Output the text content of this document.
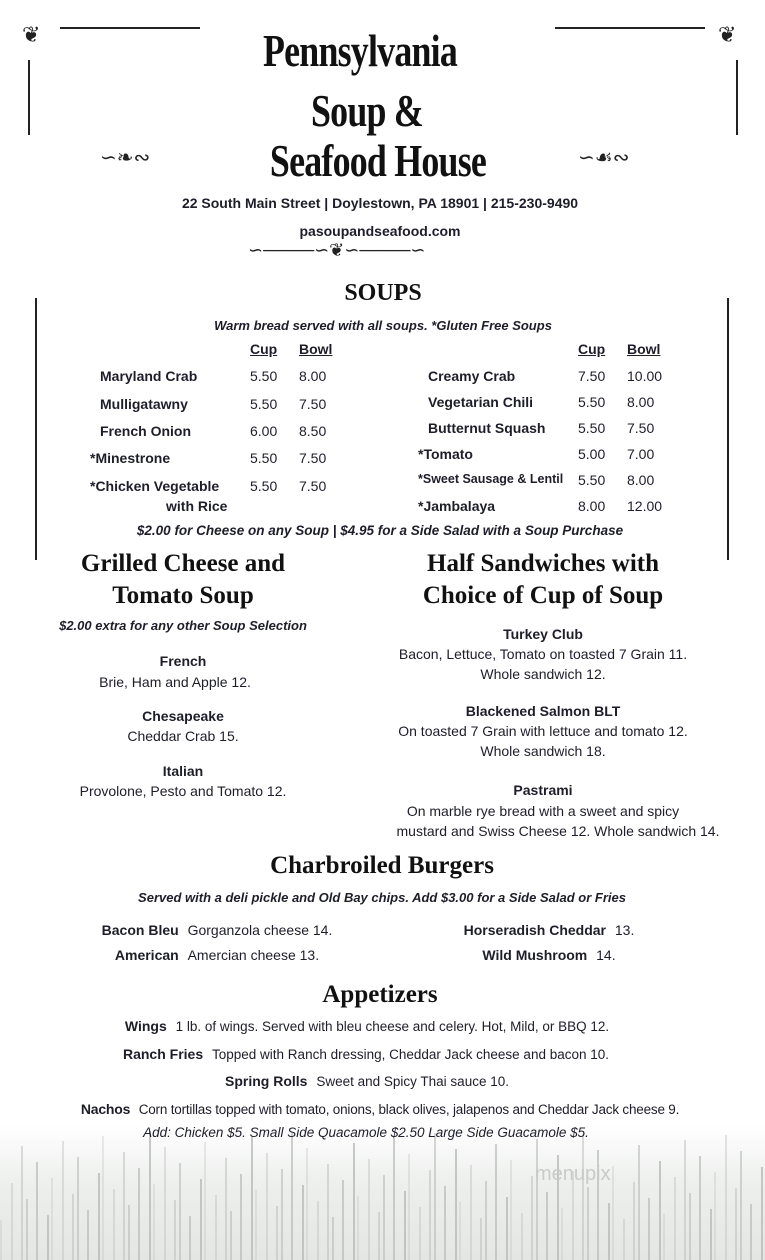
❦	❦
∽❧∾	∽☙∾
∽────∽❦∽────∽
Pennsylvania
Soup &
Seafood House
22 South Main Street | Doylestown, PA 18901 | 215-230-9490
pasoupandseafood.com
SOUPS
Warm bread served with all soups. *Gluten Free Soups
Cup Bowl	Cup Bowl
Maryland Crab	5.50 8.00
Mulligatawny	5.50 7.50
French Onion	6.00 8.50
*Minestrone	5.50 7.50
*Chicken Vegetable 5.50 7.50
with Rice
Creamy Crab	7.50 10.00
Vegetarian Chili	5.50 8.00
Butternut Squash 5.50 7.50
*Tomato	5.00 7.00
*Sweet Sausage & Lentil 5.50 8.00
*Jambalaya	8.00 12.00
$2.00 for Cheese on any Soup | $4.95 for a Side Salad with a Soup Purchase
Grilled Cheese and
Tomato Soup
$2.00 extra for any other Soup Selection
French
Brie, Ham and Apple 12.
Chesapeake
Cheddar Crab 15.
Italian
Provolone, Pesto and Tomato 12.
Half Sandwiches with
Choice of Cup of Soup
Turkey Club
Bacon, Lettuce, Tomato on toasted 7 Grain 11.
Whole sandwich 12.
Blackened Salmon BLT
On toasted 7 Grain with lettuce and tomato 12.
Whole sandwich 18.
Pastrami
On marble rye bread with a sweet and spicy
mustard and Swiss Cheese 12. Whole sandwich 14.
Charbroiled Burgers
Served with a deli pickle and Old Bay chips. Add $3.00 for a Side Salad or Fries
Bacon Bleu Gorganzola cheese 14.	Horseradish Cheddar 13.
American Amercian cheese 13.	Wild Mushroom 14.
Appetizers
Wings 1 lb. of wings. Served with bleu cheese and celery. Hot, Mild, or BBQ 12.
Ranch Fries Topped with Ranch dressing, Cheddar Jack cheese and bacon 10.
Spring Rolls Sweet and Spicy Thai sauce 10.
Nachos Corn tortillas topped with tomato, onions, black olives, jalapenos and Cheddar Jack cheese 9.
Add: Chicken $5. Small Side Quacamole $2.50 Large Side Guacamole $5.
menupix
